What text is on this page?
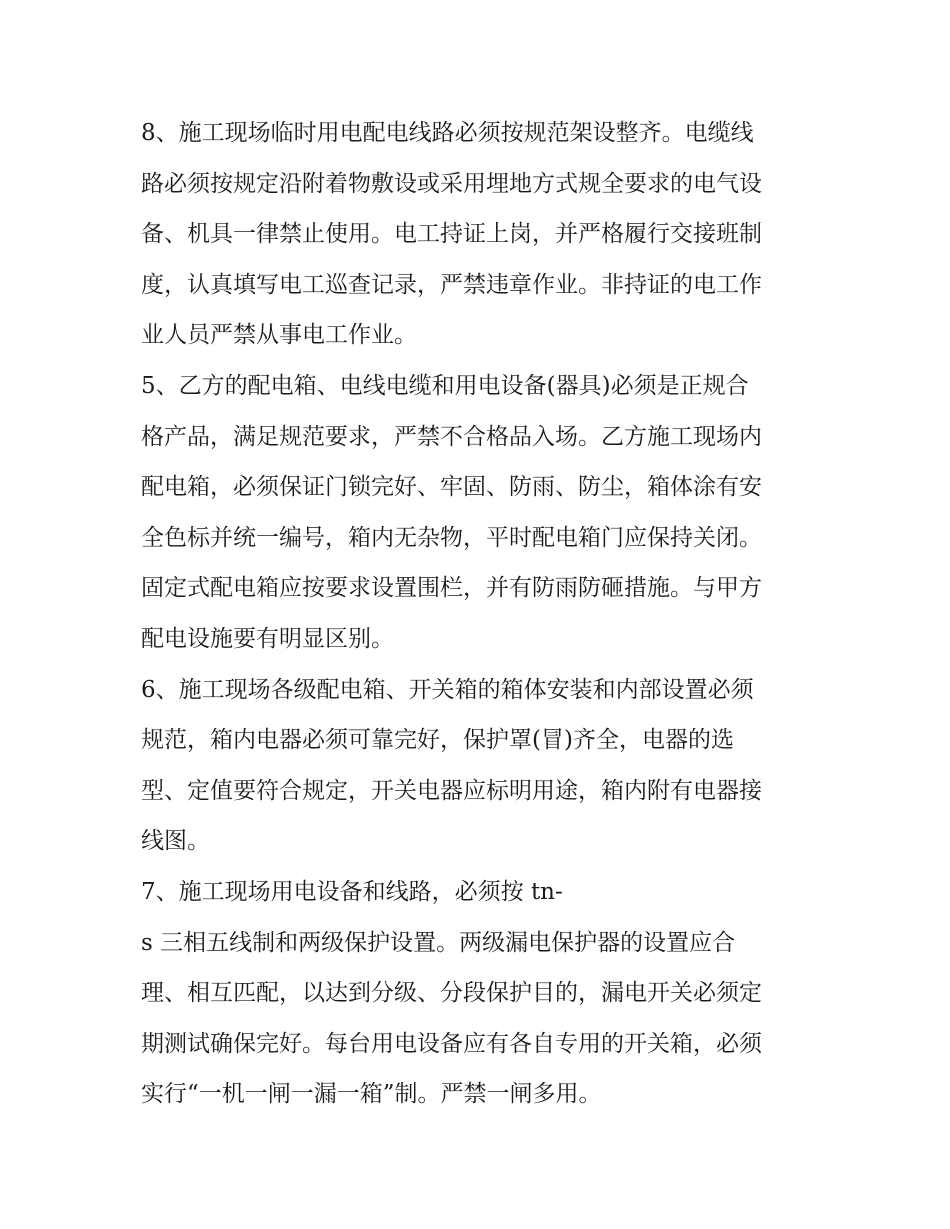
8、施工现场临时用电配电线路必须按规范架设整齐。电缆线
路必须按规定沿附着物敷设或采用埋地方式规全要求的电气设
备、机具一律禁止使用。电工持证上岗，并严格履行交接班制
度，认真填写电工巡查记录，严禁违章作业。非持证的电工作
业人员严禁从事电工作业。
5、乙方的配电箱、电线电缆和用电设备(器具)必须是正规合
格产品，满足规范要求，严禁不合格品入场。乙方施工现场内
配电箱，必须保证门锁完好、牢固、防雨、防尘，箱体涂有安
全色标并统一编号，箱内无杂物，平时配电箱门应保持关闭。
固定式配电箱应按要求设置围栏，并有防雨防砸措施。与甲方
配电设施要有明显区别。
6、施工现场各级配电箱、开关箱的箱体安装和内部设置必须
规范，箱内电器必须可靠完好，保护罩(冒)齐全，电器的选
型、定值要符合规定，开关电器应标明用途，箱内附有电器接
线图。
7、施工现场用电设备和线路，必须按 tn-
s 三相五线制和两级保护设置。两级漏电保护器的设置应合
理、相互匹配，以达到分级、分段保护目的，漏电开关必须定
期测试确保完好。每台用电设备应有各自专用的开关箱，必须
实行“一机一闸一漏一箱”制。严禁一闸多用。
